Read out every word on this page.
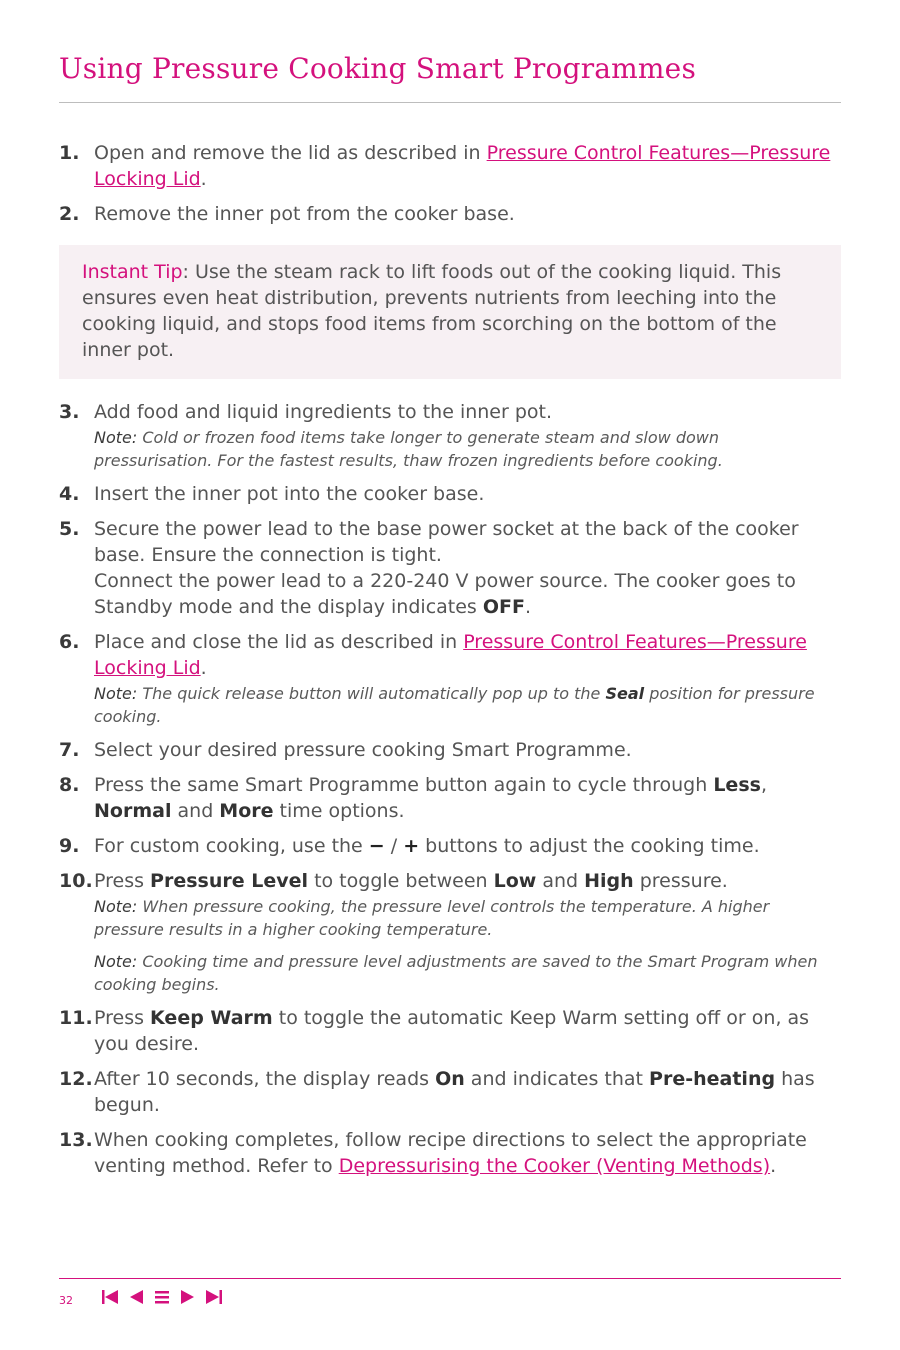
Using Pressure Cooking Smart Programmes
1. Open and remove the lid as described in Pressure Control Features—Pressure Locking Lid.
2. Remove the inner pot from the cooker base.
Instant Tip: Use the steam rack to lift foods out of the cooking liquid. This ensures even heat distribution, prevents nutrients from leeching into the cooking liquid, and stops food items from scorching on the bottom of the inner pot.
3. Add food and liquid ingredients to the inner pot.
Note: Cold or frozen food items take longer to generate steam and slow down pressurisation. For the fastest results, thaw frozen ingredients before cooking.
4. Insert the inner pot into the cooker base.
5. Secure the power lead to the base power socket at the back of the cooker base. Ensure the connection is tight.
Connect the power lead to a 220-240 V power source. The cooker goes to Standby mode and the display indicates OFF.
6. Place and close the lid as described in Pressure Control Features—Pressure Locking Lid.
Note: The quick release button will automatically pop up to the Seal position for pressure cooking.
7. Select your desired pressure cooking Smart Programme.
8. Press the same Smart Programme button again to cycle through Less, Normal and More time options.
9. For custom cooking, use the − / + buttons to adjust the cooking time.
10. Press Pressure Level to toggle between Low and High pressure.
Note: When pressure cooking, the pressure level controls the temperature. A higher pressure results in a higher cooking temperature.
Note: Cooking time and pressure level adjustments are saved to the Smart Program when cooking begins.
11. Press Keep Warm to toggle the automatic Keep Warm setting off or on, as you desire.
12. After 10 seconds, the display reads On and indicates that Pre-heating has begun.
13. When cooking completes, follow recipe directions to select the appropriate venting method. Refer to Depressurising the Cooker (Venting Methods).
32
